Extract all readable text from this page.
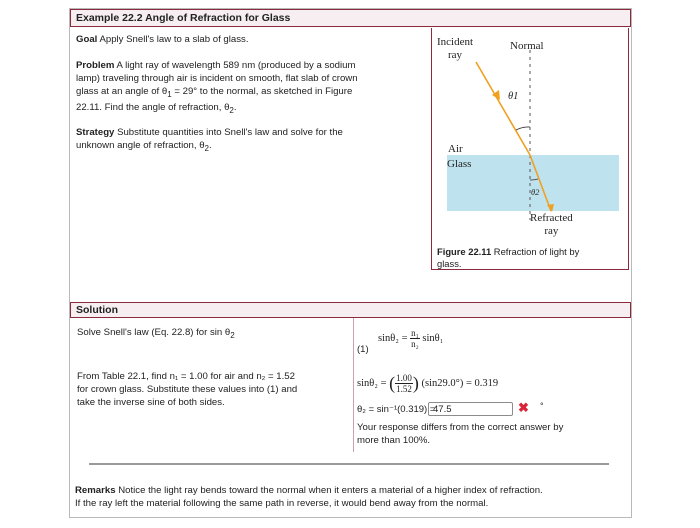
Example 22.2 Angle of Refraction for Glass
Goal Apply Snell's law to a slab of glass.
Problem A light ray of wavelength 589 nm (produced by a sodium
lamp) traveling through air is incident on smooth, flat slab of crown
glass at an angle of $\theta_1 = 29^\circ$ to the normal, as sketched in Figure
22.11. Find the angle of refraction, $\theta_2$.
Strategy Substitute quantities into Snell's law and solve for the
unknown angle of refraction, $\theta_2$.
Incident
ray
Normal
θ1
Air
Glass
θ2
Refracted
ray
Figure 22.11 Refraction of light by
glass.
Solution
Solve Snell's law (Eq. 22.8) for $\sin \theta_2$	$\sin\theta_2 = \frac{\text{n₁}}{\text{n₂}} \sin\theta_1$
(1)
From Table 22.1, find n₁ = 1.00 for air and n₂ = 1.52
for crown glass. Substitute these values into (1) and
take the inverse sine of both sides.
sinθ₂ = ( $\frac{1.00}{1.52}$ ) (sin29.0°) = 0.319
θ₂ = sin⁻¹(0.319) =
47.5	✖ °
Your response differs from the correct answer by
more than 100%.
Remarks Notice the light ray bends toward the normal when it enters a material of a higher index of refraction.
If the ray left the material following the same path in reverse, it would bend away from the normal.
